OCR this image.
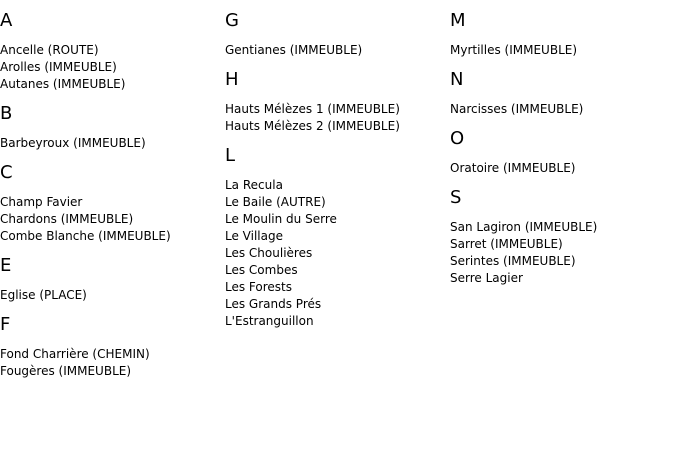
A
Ancelle (ROUTE)
Arolles (IMMEUBLE)
Autanes (IMMEUBLE)
B
Barbeyroux (IMMEUBLE)
C
Champ Favier
Chardons (IMMEUBLE)
Combe Blanche (IMMEUBLE)
E
Eglise (PLACE)
F
Fond Charrière (CHEMIN)
Fougères (IMMEUBLE)
G
Gentianes (IMMEUBLE)
H
Hauts Mélèzes 1 (IMMEUBLE)
Hauts Mélèzes 2 (IMMEUBLE)
L
La Recula
Le Baile (AUTRE)
Le Moulin du Serre
Le Village
Les Choulières
Les Combes
Les Forests
Les Grands Prés
L'Estranguillon
M
Myrtilles (IMMEUBLE)
N
Narcisses (IMMEUBLE)
O
Oratoire (IMMEUBLE)
S
San Lagiron (IMMEUBLE)
Sarret (IMMEUBLE)
Serintes (IMMEUBLE)
Serre Lagier
